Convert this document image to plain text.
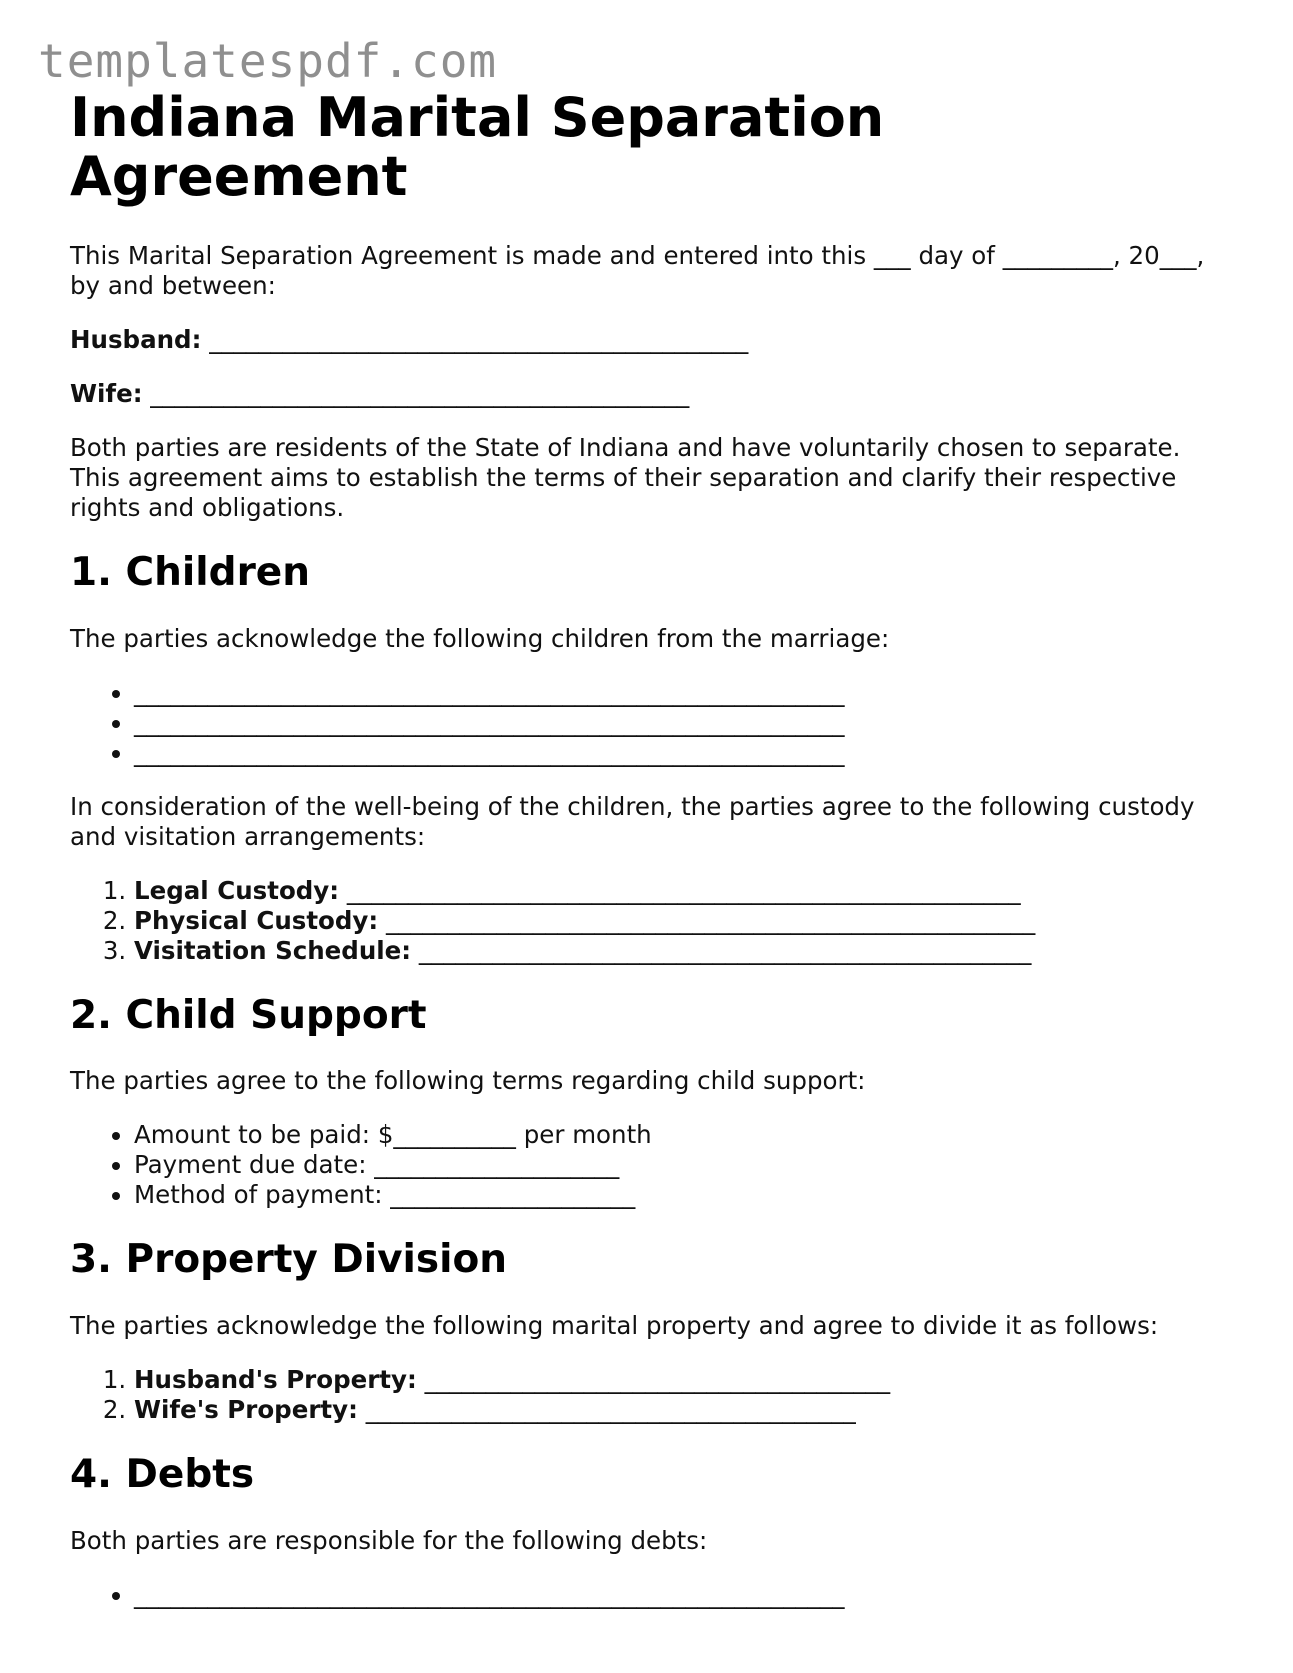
templatespdf.com
Indiana Marital Separation Agreement

This Marital Separation Agreement is made and entered into this ___ day of _________, 20___, by and between:

Husband: ____________________________________________

Wife: ____________________________________________

Both parties are residents of the State of Indiana and have voluntarily chosen to separate. This agreement aims to establish the terms of their separation and clarify their respective rights and obligations.

1. Children

The parties acknowledge the following children from the marriage:

• __________________________________________________________
• __________________________________________________________
• __________________________________________________________

In consideration of the well-being of the children, the parties agree to the following custody and visitation arrangements:

1. Legal Custody: _______________________________________________________
2. Physical Custody: _____________________________________________________
3. Visitation Schedule: __________________________________________________
2. Child Support

The parties agree to the following terms regarding child support:

• Amount to be paid: $__________ per month
• Payment due date: ____________________
• Method of payment: ____________________
3. Property Division

The parties acknowledge the following marital property and agree to divide it as follows:

1. Husband's Property: ______________________________________
2. Wife's Property: ________________________________________
4. Debts

Both parties are responsible for the following debts:

• __________________________________________________________
